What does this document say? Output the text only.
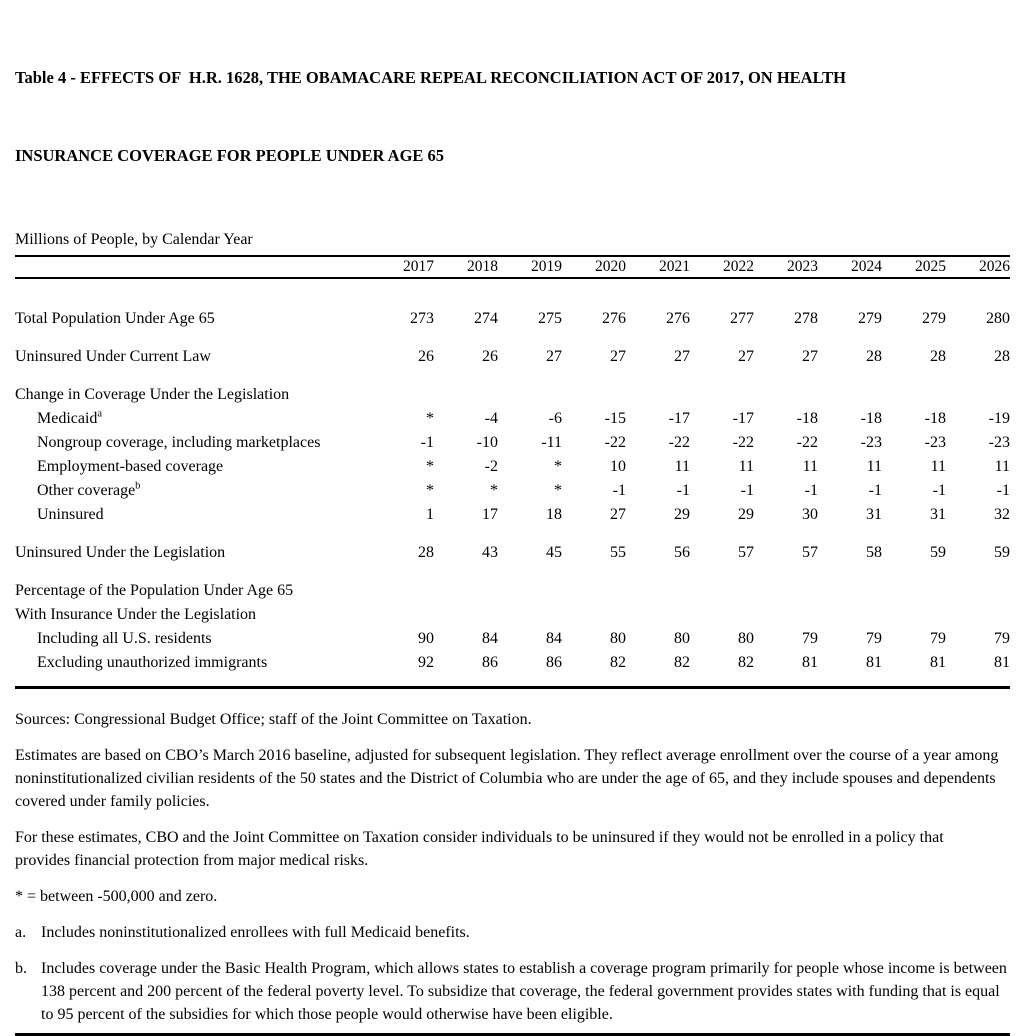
Table 4 - EFFECTS OF  H.R. 1628, THE OBAMACARE REPEAL RECONCILIATION ACT OF 2017, ON HEALTH

INSURANCE COVERAGE FOR PEOPLE UNDER AGE 65

Millions of People, by Calendar Year
2017	2018	2019	2020	2021	2022	2023	2024	2025	2026
Total Population Under Age 65	273	274	275	276	276	277	278	279	279	280
Uninsured Under Current Law	26	26	27	27	27	27	27	28	28	28
Change in Coverage Under the Legislation
Medicaid$^a$	*	-4	-6	-15	-17	-17	-18	-18	-18	-19
Nongroup coverage, including marketplaces	-1	-10	-11	-22	-22	-22	-22	-23	-23	-23
Employment-based coverage	*	-2	*	10	11	11	11	11	11	11
Other coverage$^b$	*	*	*	-1	-1	-1	-1	-1	-1	-1
Uninsured	1	17	18	27	29	29	30	31	31	32
Uninsured Under the Legislation	28	43	45	55	56	57	57	58	59	59
Percentage of the Population Under Age 65
With Insurance Under the Legislation
Including all U.S. residents	90	84	84	80	80	80	79	79	79	79
Excluding unauthorized immigrants	92	86	86	82	82	82	81	81	81	81
Sources: Congressional Budget Office; staff of the Joint Committee on Taxation.
Estimates are based on CBO’s March 2016 baseline, adjusted for subsequent legislation. They reflect average enrollment over the course of a year among noninstitutionalized civilian residents of the 50 states and the District of Columbia who are under the age of 65, and they include spouses and dependents covered under family policies.
For these estimates, CBO and the Joint Committee on Taxation consider individuals to be uninsured if they would not be enrolled in a policy that provides financial protection from major medical risks.
* = between -500,000 and zero.
a. Includes noninstitutionalized enrollees with full Medicaid benefits.
b. Includes coverage under the Basic Health Program, which allows states to establish a coverage program primarily for people whose income is between 138 percent and 200 percent of the federal poverty level. To subsidize that coverage, the federal government provides states with funding that is equal to 95 percent of the subsidies for which those people would otherwise have been eligible.
